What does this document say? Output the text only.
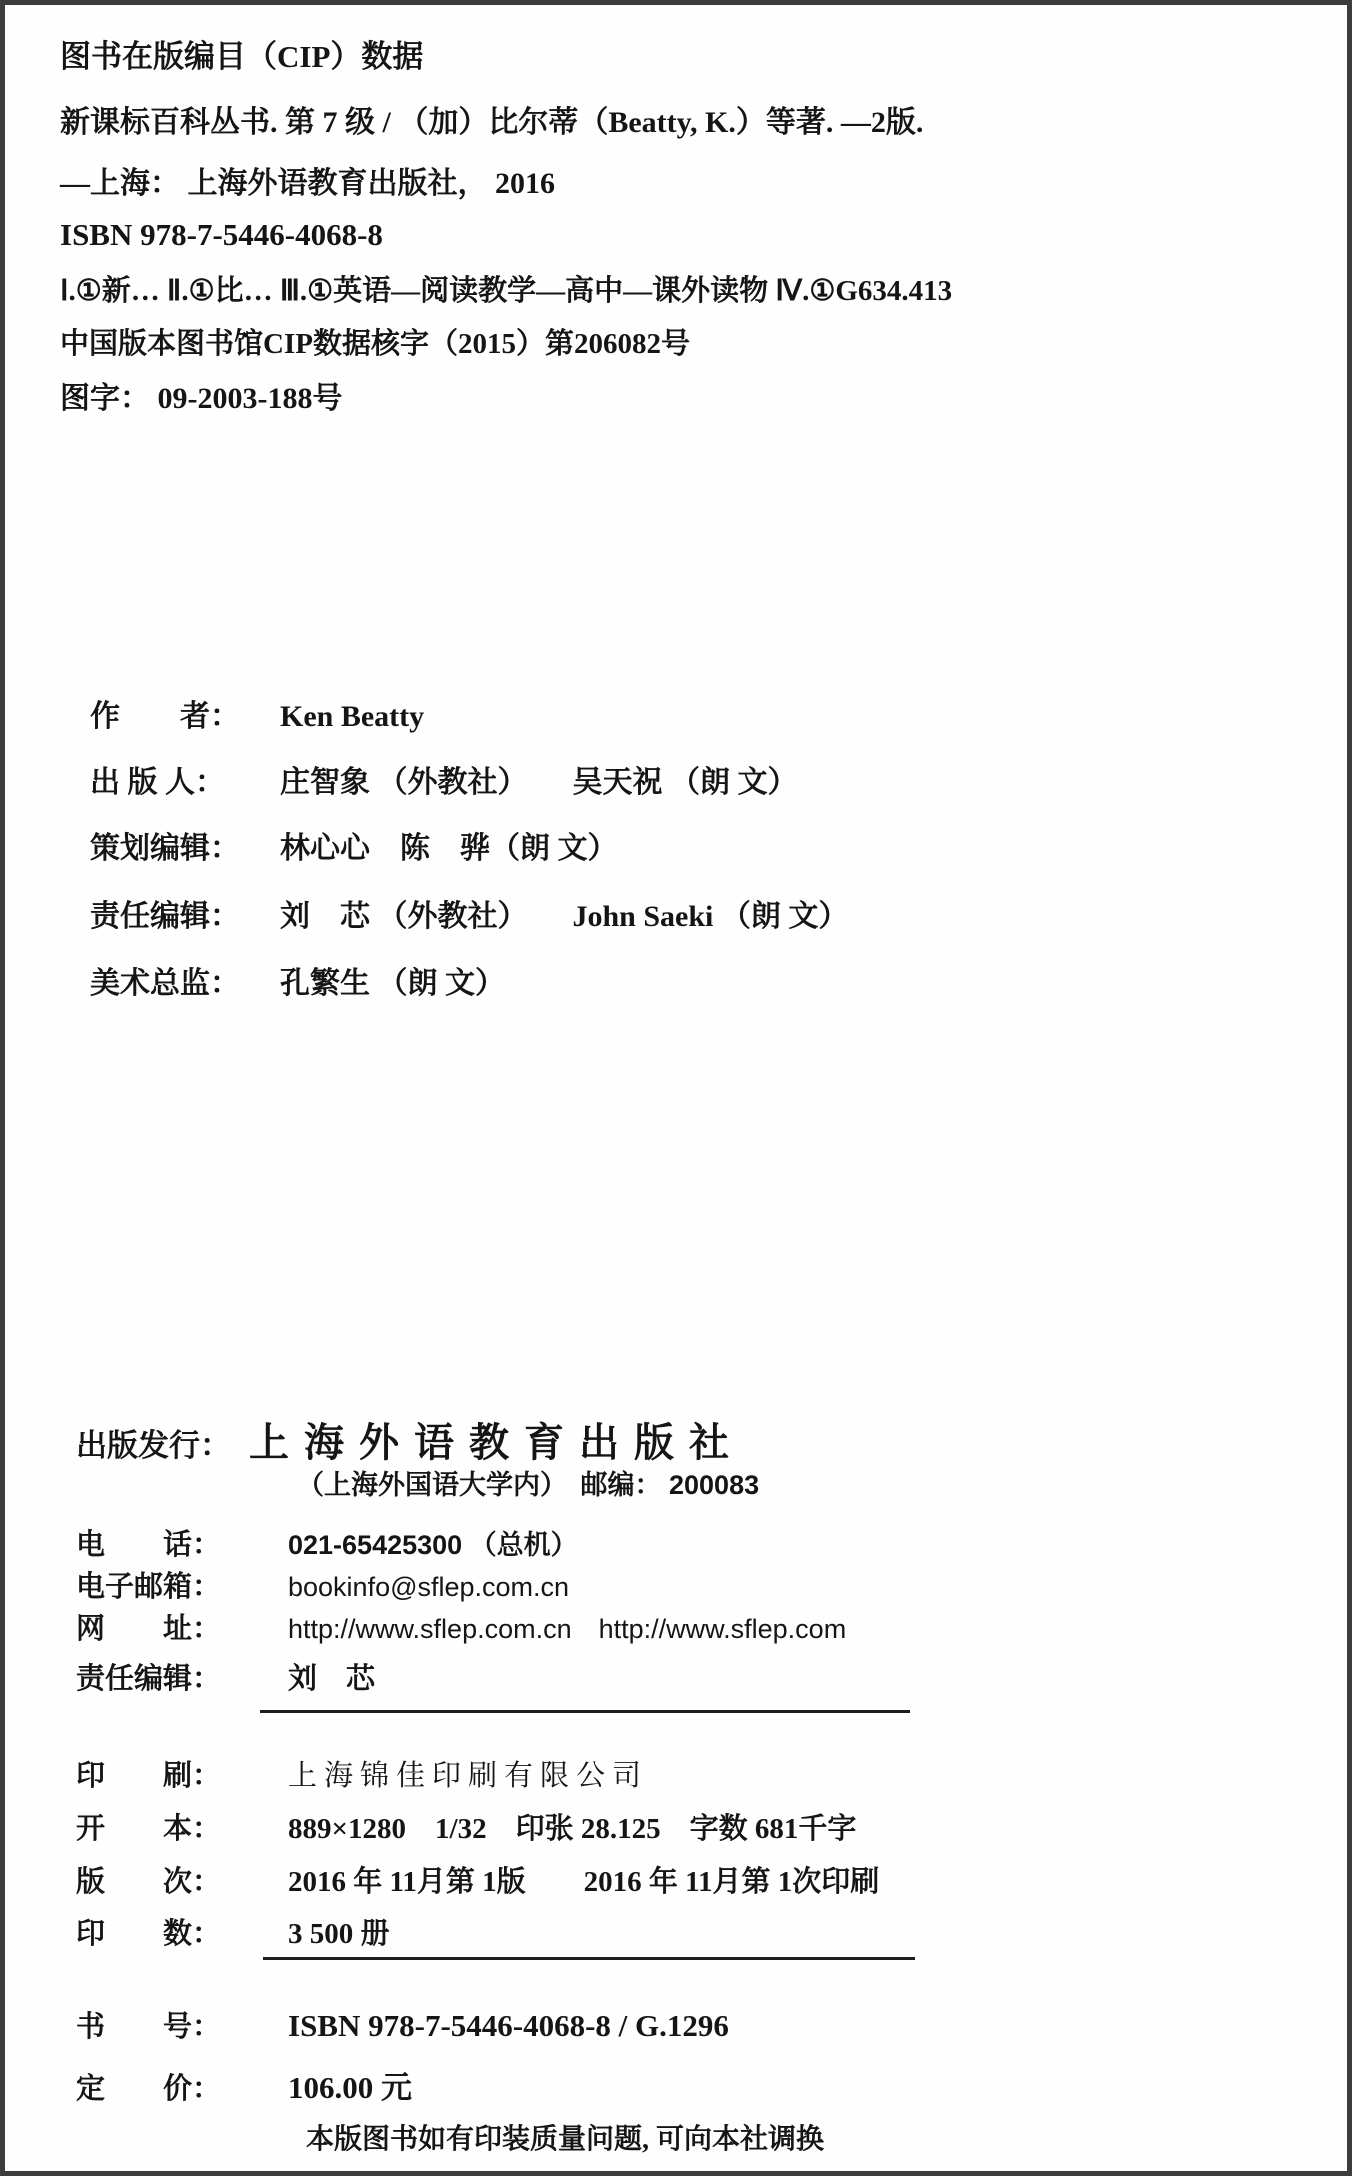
图书在版编目（CIP）数据
新课标百科丛书. 第 7 级 / （加）比尔蒂（Beatty, K.）等著. —2版.
—上海： 上海外语教育出版社， 2016
ISBN 978-7-5446-4068-8
Ⅰ.①新… Ⅱ.①比… Ⅲ.①英语—阅读教学—高中—课外读物 Ⅳ.①G634.413
中国版本图书馆CIP数据核字（2015）第206082号
图字： 09-2003-188号

作　　者： Ken Beatty

出 版 人： 庄智象 （外教社）　　吴天祝 （朗 文）

策划编辑： 林心心　陈　骅（朗 文）

责任编辑： 刘　芯 （外教社）　　John Saeki （朗 文）

美术总监： 孔繁生 （朗 文）

出版发行： 上海外语教育出版社

（上海外国语大学内）　邮编： 200083

电　　话： 021-65425300 （总机）

电子邮箱： bookinfo@sflep.com.cn

网　　址： http://www.sflep.com.cn　http://www.sflep.com

责任编辑： 刘　芯

印　　刷： 上海锦佳印刷有限公司

开　　本： 889×1280　1/32　印张 28.125　字数 681千字

版　　次： 2016 年 11月第 1版　　2016 年 11月第 1次印刷

印　　数： 3 500 册

书　　号： ISBN 978-7-5446-4068-8 / G.1296

定　　价： 106.00 元

本版图书如有印装质量问题, 可向本社调换
